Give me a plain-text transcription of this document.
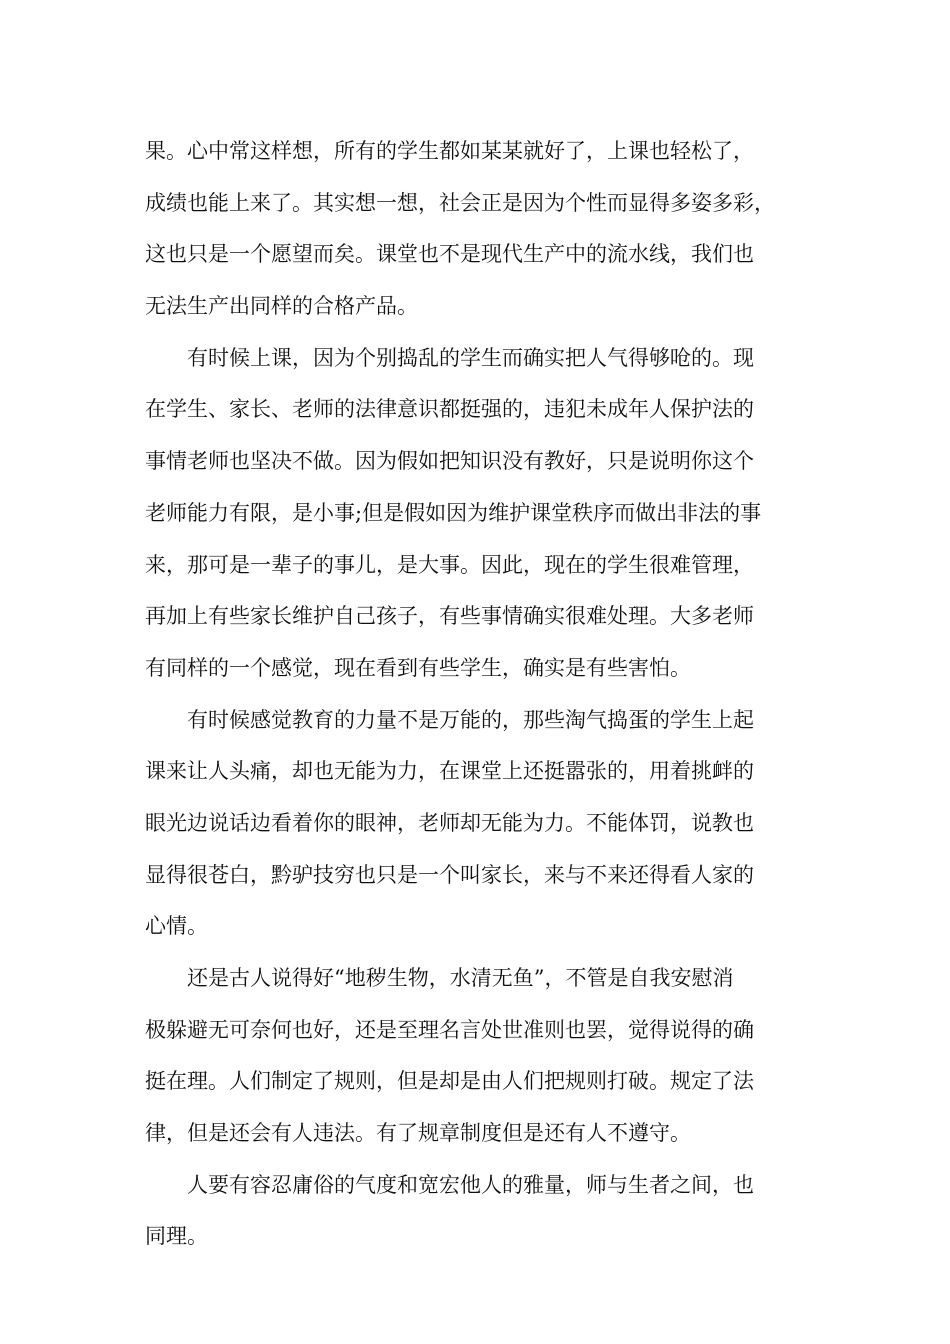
果。心中常这样想，所有的学生都如某某就好了，上课也轻松了，
成绩也能上来了。其实想一想，社会正是因为个性而显得多姿多彩，
这也只是一个愿望而矣。课堂也不是现代生产中的流水线，我们也
无法生产出同样的合格产品。
　　有时候上课，因为个别捣乱的学生而确实把人气得够呛的。现
在学生、家长、老师的法律意识都挺强的，违犯未成年人保护法的
事情老师也坚决不做。因为假如把知识没有教好，只是说明你这个
老师能力有限，是小事;但是假如因为维护课堂秩序而做出非法的事
来，那可是一辈子的事儿，是大事。因此，现在的学生很难管理，
再加上有些家长维护自己孩子，有些事情确实很难处理。大多老师
有同样的一个感觉，现在看到有些学生，确实是有些害怕。
　　有时候感觉教育的力量不是万能的，那些淘气捣蛋的学生上起
课来让人头痛，却也无能为力，在课堂上还挺嚣张的，用着挑衅的
眼光边说话边看着你的眼神，老师却无能为力。不能体罚，说教也
显得很苍白，黔驴技穷也只是一个叫家长，来与不来还得看人家的
心情。
　　还是古人说得好“地秽生物，水清无鱼”，不管是自我安慰消
极躲避无可奈何也好，还是至理名言处世准则也罢，觉得说得的确
挺在理。人们制定了规则，但是却是由人们把规则打破。规定了法
律，但是还会有人违法。有了规章制度但是还有人不遵守。
　　人要有容忍庸俗的气度和宽宏他人的雅量，师与生者之间，也
同理。
